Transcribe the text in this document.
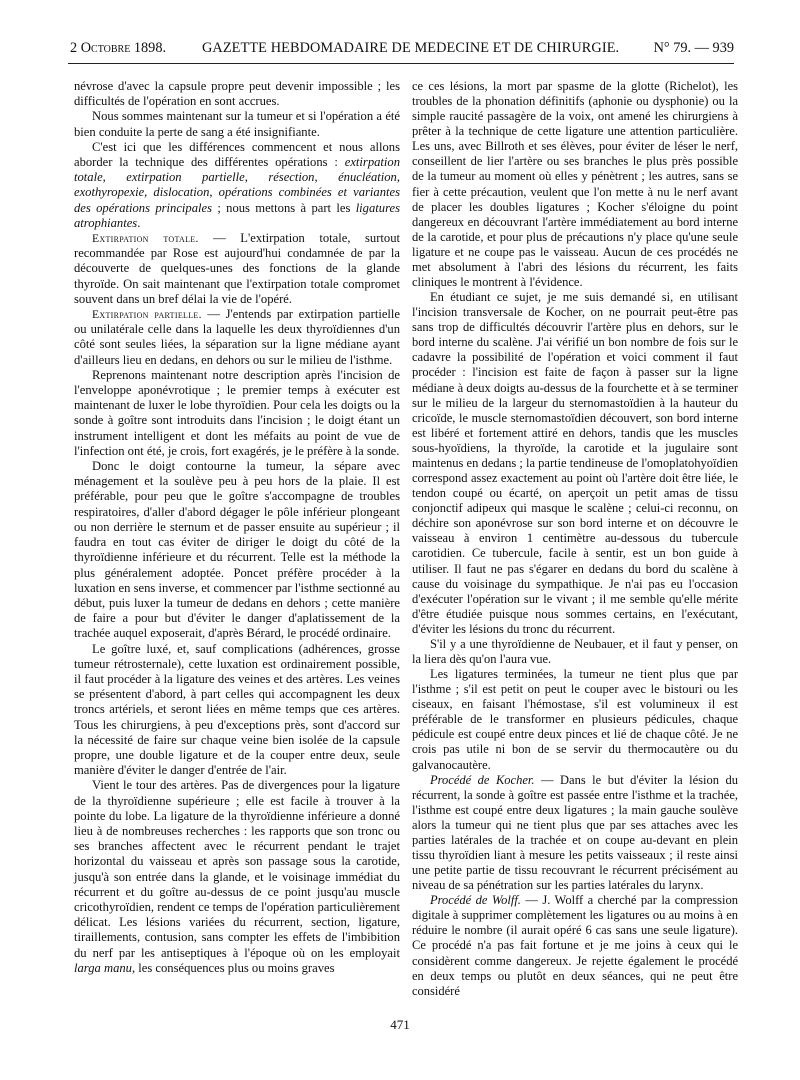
2 Octobre 1898.	GAZETTE HEBDOMADAIRE DE MEDECINE ET DE CHIRURGIE. N° 79. — 939

névrose d'avec la capsule propre peut devenir impossible ; les difficultés de l'opération en sont accrues.

Nous sommes maintenant sur la tumeur et si l'opération a été bien conduite la perte de sang a été insignifiante.

C'est ici que les différences commencent et nous allons aborder la technique des différentes opérations : extirpation totale, extirpation partielle, résection, énucléation, exothyropexie, dislocation, opérations combinées et variantes des opérations principales ; nous mettons à part les ligatures atrophiantes.

Extirpation totale. — L'extirpation totale, surtout recommandée par Rose est aujourd'hui condamnée de par la découverte de quelques-unes des fonctions de la glande thyroïde. On sait maintenant que l'extirpation totale compromet souvent dans un bref délai la vie de l'opéré.

Extirpation partielle. — J'entends par extirpation partielle ou unilatérale celle dans la laquelle les deux thyroïdiennes d'un côté sont seules liées, la séparation sur la ligne médiane ayant d'ailleurs lieu en dedans, en dehors ou sur le milieu de l'isthme.

Reprenons maintenant notre description après l'incision de l'enveloppe aponévrotique ; le premier temps à exécuter est maintenant de luxer le lobe thyroïdien. Pour cela les doigts ou la sonde à goître sont introduits dans l'incision ; le doigt étant un instrument intelligent et dont les méfaits au point de vue de l'infection ont été, je crois, fort exagérés, je le préfère à la sonde.

Donc le doigt contourne la tumeur, la sépare avec ménagement et la soulève peu à peu hors de la plaie. Il est préférable, pour peu que le goître s'accompagne de troubles respiratoires, d'aller d'abord dégager le pôle inférieur plongeant ou non derrière le sternum et de passer ensuite au supérieur ; il faudra en tout cas éviter de diriger le doigt du côté de la thyroïdienne inférieure et du récurrent. Telle est la méthode la plus généralement adoptée. Poncet préfère procéder à la luxation en sens inverse, et commencer par l'isthme sectionné au début, puis luxer la tumeur de dedans en dehors ; cette manière de faire a pour but d'éviter le danger d'aplatissement de la trachée auquel exposerait, d'après Bérard, le procédé ordinaire.

Le goître luxé, et, sauf complications (adhérences, grosse tumeur rétrosternale), cette luxation est ordinairement possible, il faut procéder à la ligature des veines et des artères. Les veines se présentent d'abord, à part celles qui accompagnent les deux troncs artériels, et seront liées en même temps que ces artères. Tous les chirurgiens, à peu d'exceptions près, sont d'accord sur la nécessité de faire sur chaque veine bien isolée de la capsule propre, une double ligature et de la couper entre deux, seule manière d'éviter le danger d'entrée de l'air.

Vient le tour des artères. Pas de divergences pour la ligature de la thyroïdienne supérieure ; elle est facile à trouver à la pointe du lobe. La ligature de la thyroïdienne inférieure a donné lieu à de nombreuses recherches : les rapports que son tronc ou ses branches affectent avec le récurrent pendant le trajet horizontal du vaisseau et après son passage sous la carotide, jusqu'à son entrée dans la glande, et le voisinage immédiat du récurrent et du goître au-dessus de ce point jusqu'au muscle cricothyroïdien, rendent ce temps de l'opération particulièrement délicat. Les lésions variées du récurrent, section, ligature, tiraillements, contusion, sans compter les effets de l'imbibition du nerf par les antiseptiques à l'époque où on les employait larga manu, les conséquences plus ou moins graves

ce ces lésions, la mort par spasme de la glotte (Richelot), les troubles de la phonation définitifs (aphonie ou dysphonie) ou la simple raucité passagère de la voix, ont amené les chirurgiens à prêter à la technique de cette ligature une attention particulière. Les uns, avec Billroth et ses élèves, pour éviter de léser le nerf, conseillent de lier l'artère ou ses branches le plus près possible de la tumeur au moment où elles y pénètrent ; les autres, sans se fier à cette précaution, veulent que l'on mette à nu le nerf avant de placer les doubles ligatures ; Kocher s'éloigne du point dangereux en découvrant l'artère immédiatement au bord interne de la carotide, et pour plus de précautions n'y place qu'une seule ligature et ne coupe pas le vaisseau. Aucun de ces procédés ne met absolument à l'abri des lésions du récurrent, les faits cliniques le montrent à l'évidence.

En étudiant ce sujet, je me suis demandé si, en utilisant l'incision transversale de Kocher, on ne pourrait peut-être pas sans trop de difficultés découvrir l'artère plus en dehors, sur le bord interne du scalène. J'ai vérifié un bon nombre de fois sur le cadavre la possibilité de l'opération et voici comment il faut procéder : l'incision est faite de façon à passer sur la ligne médiane à deux doigts au-dessus de la fourchette et à se terminer sur le milieu de la largeur du sternomastoïdien à la hauteur du cricoïde, le muscle sternomastoïdien découvert, son bord interne est libéré et fortement attiré en dehors, tandis que les muscles sous-hyoïdiens, la thyroïde, la carotide et la jugulaire sont maintenus en dedans ; la partie tendineuse de l'omoplatohyoïdien correspond assez exactement au point où l'artère doit être liée, le tendon coupé ou écarté, on aperçoit un petit amas de tissu conjonctif adipeux qui masque le scalène ; celui-ci reconnu, on déchire son aponévrose sur son bord interne et on découvre le vaisseau à environ 1 centimètre au-dessous du tubercule carotidien. Ce tubercule, facile à sentir, est un bon guide à utiliser. Il faut ne pas s'égarer en dedans du bord du scalène à cause du voisinage du sympathique. Je n'ai pas eu l'occasion d'exécuter l'opération sur le vivant ; il me semble qu'elle mérite d'être étudiée puisque nous sommes certains, en l'exécutant, d'éviter les lésions du tronc du récurrent.

S'il y a une thyroïdienne de Neubauer, et il faut y penser, on la liera dès qu'on l'aura vue.

Les ligatures terminées, la tumeur ne tient plus que par l'isthme ; s'il est petit on peut le couper avec le bistouri ou les ciseaux, en faisant l'hémostase, s'il est volumineux il est préférable de le transformer en plusieurs pédicules, chaque pédicule est coupé entre deux pinces et lié de chaque côté. Je ne crois pas utile ni bon de se servir du thermocautère ou du galvanocautère.

Procédé de Kocher. — Dans le but d'éviter la lésion du récurrent, la sonde à goître est passée entre l'isthme et la trachée, l'isthme est coupé entre deux ligatures ; la main gauche soulève alors la tumeur qui ne tient plus que par ses attaches avec les parties latérales de la trachée et on coupe au-devant en plein tissu thyroïdien liant à mesure les petits vaisseaux ; il reste ainsi une petite partie de tissu recouvrant le récurrent précisément au niveau de sa pénétration sur les parties latérales du larynx.

Procédé de Wolff. — J. Wolff a cherché par la compression digitale à supprimer complètement les ligatures ou au moins à en réduire le nombre (il aurait opéré 6 cas sans une seule ligature). Ce procédé n'a pas fait fortune et je me joins à ceux qui le considèrent comme dangereux. Je rejette également le procédé en deux temps ou plutôt en deux séances, qui ne peut être considéré

471
